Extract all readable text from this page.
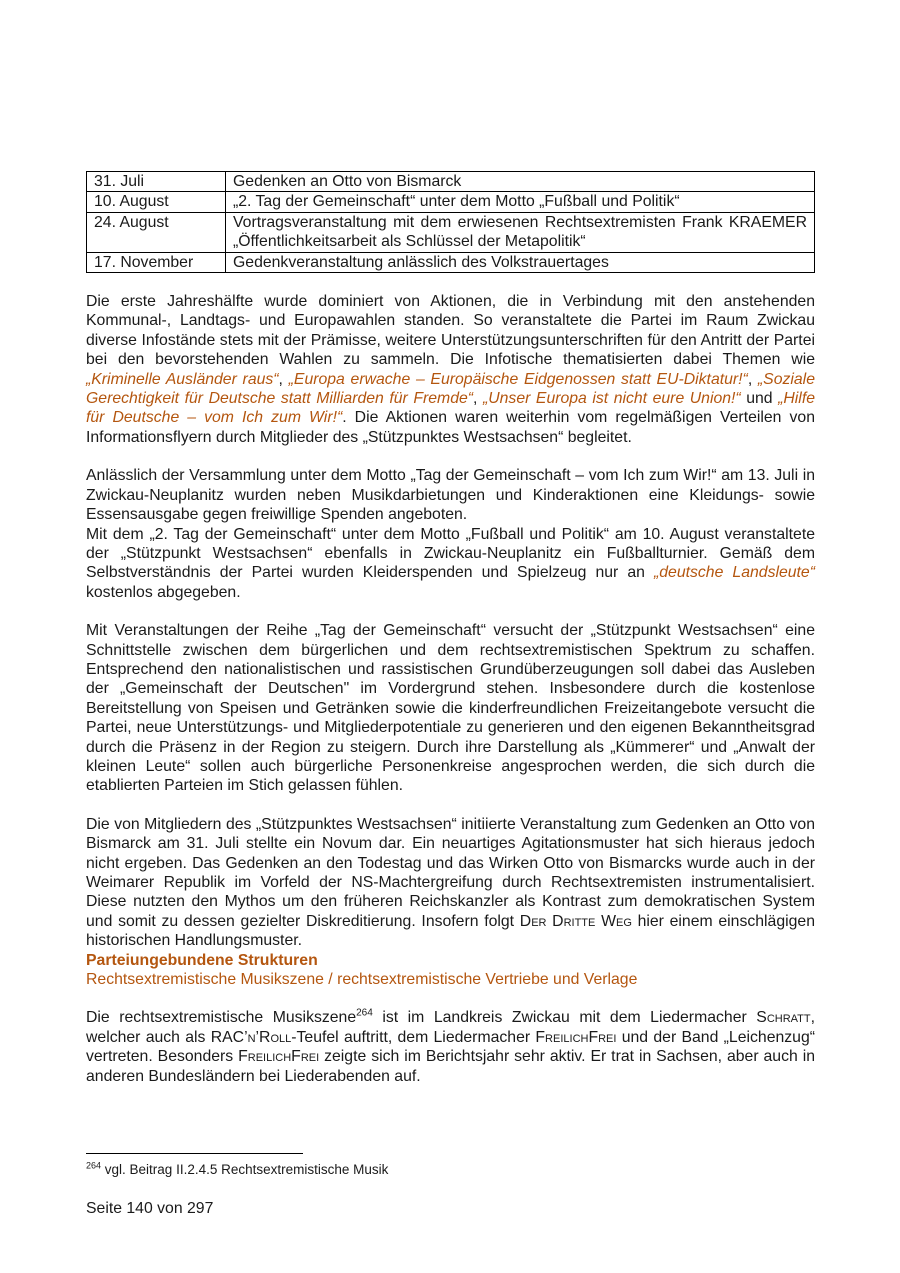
31. Juli	Gedenken an Otto von Bismarck
10. August	„2. Tag der Gemeinschaft“ unter dem Motto „Fußball und Politik“
24. August	Vortragsveranstaltung mit dem erwiesenen Rechtsextremisten Frank KRAEMER „Öffentlichkeitsarbeit als Schlüssel der Metapolitik“
17. November	Gedenkveranstaltung anlässlich des Volkstrauertages

Die erste Jahreshälfte wurde dominiert von Aktionen, die in Verbindung mit den anstehenden Kommunal-, Landtags- und Europawahlen standen. So veranstaltete die Partei im Raum Zwickau diverse Infostände stets mit der Prämisse, weitere Unterstützungsunterschriften für den Antritt der Partei bei den bevorstehenden Wahlen zu sammeln. Die Infotische thematisierten dabei Themen wie „Kriminelle Ausländer raus“, „Europa erwache – Europäische Eidgenossen statt EU-Diktatur!“, „Soziale Gerechtigkeit für Deutsche statt Milliarden für Fremde“, „Unser Europa ist nicht eure Union!“ und „Hilfe für Deutsche – vom Ich zum Wir!“. Die Aktionen waren weiterhin vom regelmäßigen Verteilen von Informationsflyern durch Mitglieder des „Stützpunktes Westsachsen“ begleitet.

Anlässlich der Versammlung unter dem Motto „Tag der Gemeinschaft – vom Ich zum Wir!“ am 13. Juli in Zwickau-Neuplanitz wurden neben Musikdarbietungen und Kinderaktionen eine Kleidungs- sowie Essensausgabe gegen freiwillige Spenden angeboten.

Mit dem „2. Tag der Gemeinschaft“ unter dem Motto „Fußball und Politik“ am 10. August veranstaltete der „Stützpunkt Westsachsen“ ebenfalls in Zwickau-Neuplanitz ein Fußballturnier. Gemäß dem Selbstverständnis der Partei wurden Kleiderspenden und Spielzeug nur an „deutsche Landsleute“ kostenlos abgegeben.

Mit Veranstaltungen der Reihe „Tag der Gemeinschaft“ versucht der „Stützpunkt Westsachsen“ eine Schnittstelle zwischen dem bürgerlichen und dem rechtsextremistischen Spektrum zu schaffen. Entsprechend den nationalistischen und rassistischen Grundüberzeugungen soll dabei das Ausleben der „Gemeinschaft der Deutschen" im Vordergrund stehen. Insbesondere durch die kostenlose Bereitstellung von Speisen und Getränken sowie die kinderfreundlichen Freizeitangebote versucht die Partei, neue Unterstützungs- und Mitgliederpotentiale zu generieren und den eigenen Bekanntheitsgrad durch die Präsenz in der Region zu steigern. Durch ihre Darstellung als „Kümmerer“ und „Anwalt der kleinen Leute“ sollen auch bürgerliche Personenkreise angesprochen werden, die sich durch die etablierten Parteien im Stich gelassen fühlen.

Die von Mitgliedern des „Stützpunktes Westsachsen“ initiierte Veranstaltung zum Gedenken an Otto von Bismarck am 31. Juli stellte ein Novum dar. Ein neuartiges Agitationsmuster hat sich hieraus jedoch nicht ergeben. Das Gedenken an den Todestag und das Wirken Otto von Bismarcks wurde auch in der Weimarer Republik im Vorfeld der NS-Machtergreifung durch Rechtsextremisten instrumentalisiert. Diese nutzten den Mythos um den früheren Reichskanzler als Kontrast zum demokratischen System und somit zu dessen gezielter Diskreditierung. Insofern folgt Der Dritte Weg hier einem einschlägigen historischen Handlungsmuster.

Parteiungebundene Strukturen
Rechtsextremistische Musikszene / rechtsextremistische Vertriebe und Verlage

Die rechtsextremistische Musikszene$^{264}$ ist im Landkreis Zwickau mit dem Liedermacher Schratt, welcher auch als RAC’n’Roll-Teufel auftritt, dem Liedermacher FreilichFrei und der Band „Leichenzug“ vertreten. Besonders FreilichFrei zeigte sich im Berichtsjahr sehr aktiv. Er trat in Sachsen, aber auch in anderen Bundesländern bei Liederabenden auf.

$^{264}$ vgl. Beitrag II.2.4.5 Rechtsextremistische Musik
Seite 140 von 297
